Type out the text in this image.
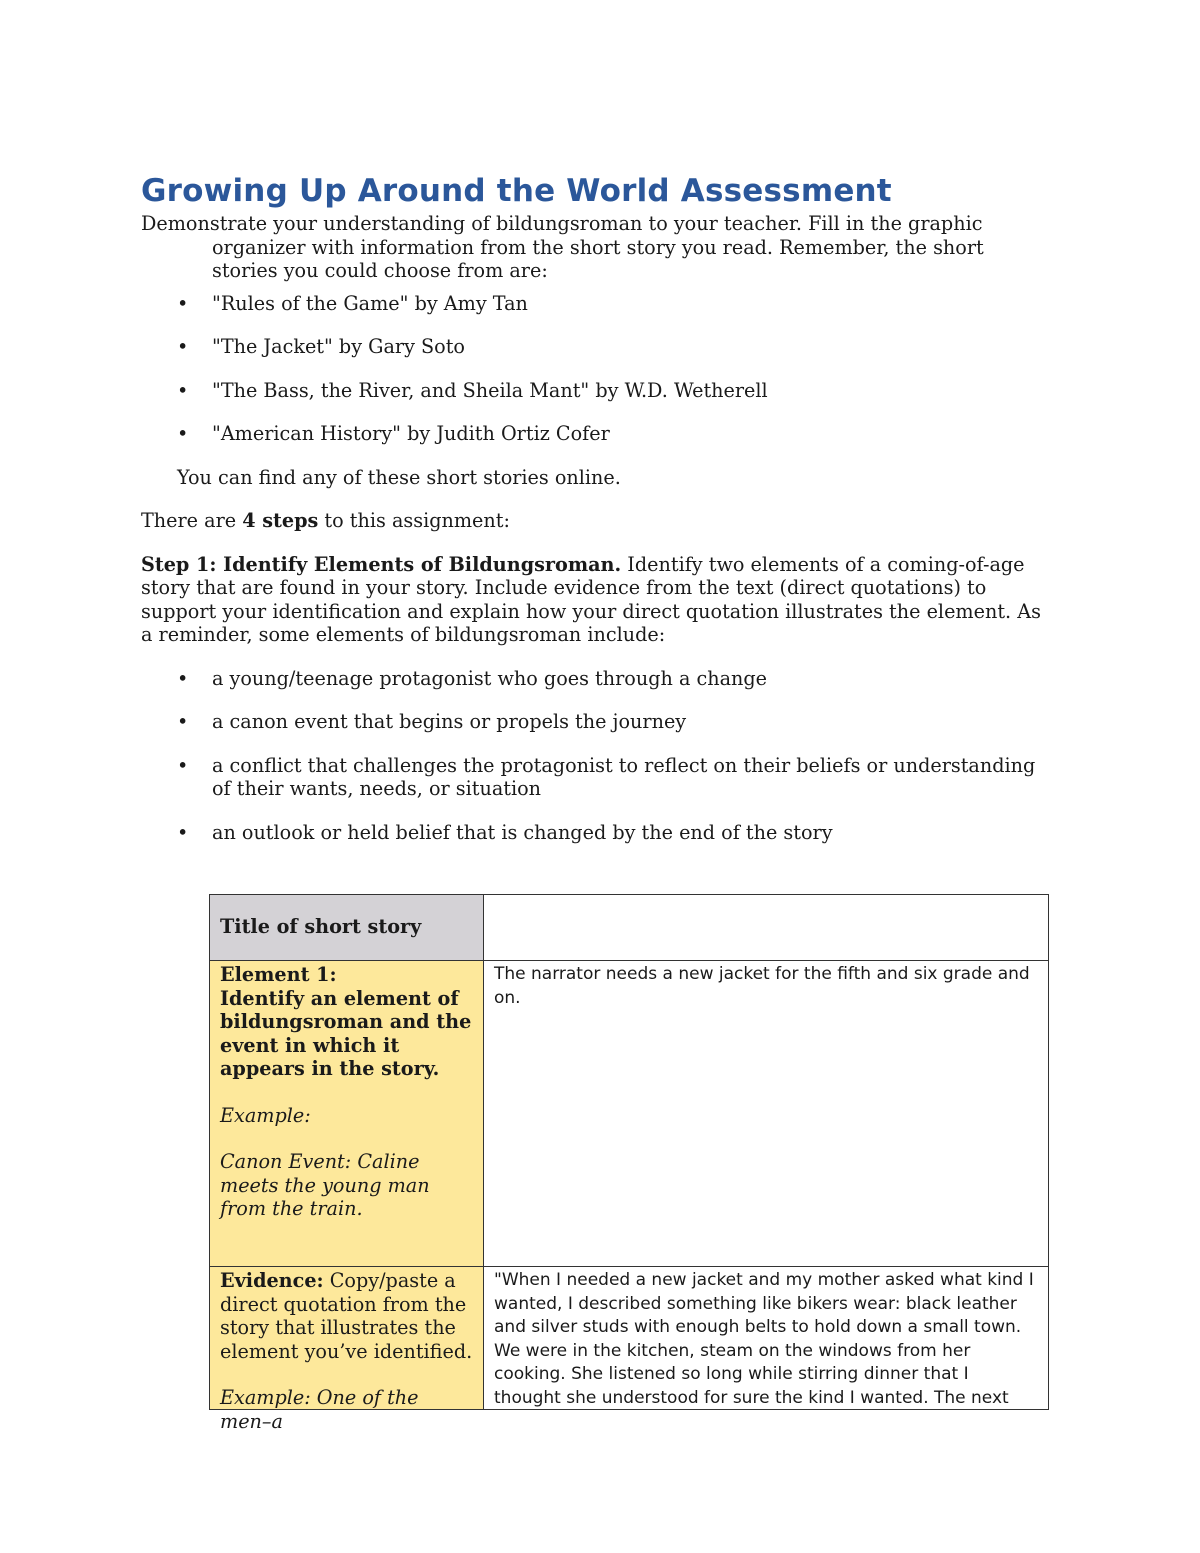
Growing Up Around the World Assessment

Demonstrate your understanding of bildungsroman to your teacher. Fill in the graphic organizer with information from the short story you read. Remember, the short stories you could choose from are:

• "Rules of the Game" by Amy Tan
• "The Jacket" by Gary Soto
• "The Bass, the River, and Sheila Mant" by W.D. Wetherell
• "American History" by Judith Ortiz Cofer

You can find any of these short stories online.

There are 4 steps to this assignment:

Step 1: Identify Elements of Bildungsroman. Identify two elements of a coming-of-age story that are found in your story. Include evidence from the text (direct quotations) to support your identification and explain how your direct quotation illustrates the element. As a reminder, some elements of bildungsroman include:

• a young/teenage protagonist who goes through a change
• a canon event that begins or propels the journey
• a conflict that challenges the protagonist to reflect on their beliefs or understanding of their wants, needs, or situation
• an outlook or held belief that is changed by the end of the story
Title of short story	

Element 1:
Identify an element of bildungsroman and the event in which it appears in the story.
Example:
Canon Event: Caline meets the young man from the train.	The narrator needs a new jacket for the fifth and six grade and on.

Evidence: Copy/paste a direct quotation from the story that illustrates the element you’ve identified.
Example: One of the men–a	"When I needed a new jacket and my mother asked what kind I wanted, I described something like bikers wear: black leather and silver studs with enough belts to hold down a small town. We were in the kitchen, steam on the windows from her cooking. She listened so long while stirring dinner that I thought she understood for sure the kind I wanted. The next
